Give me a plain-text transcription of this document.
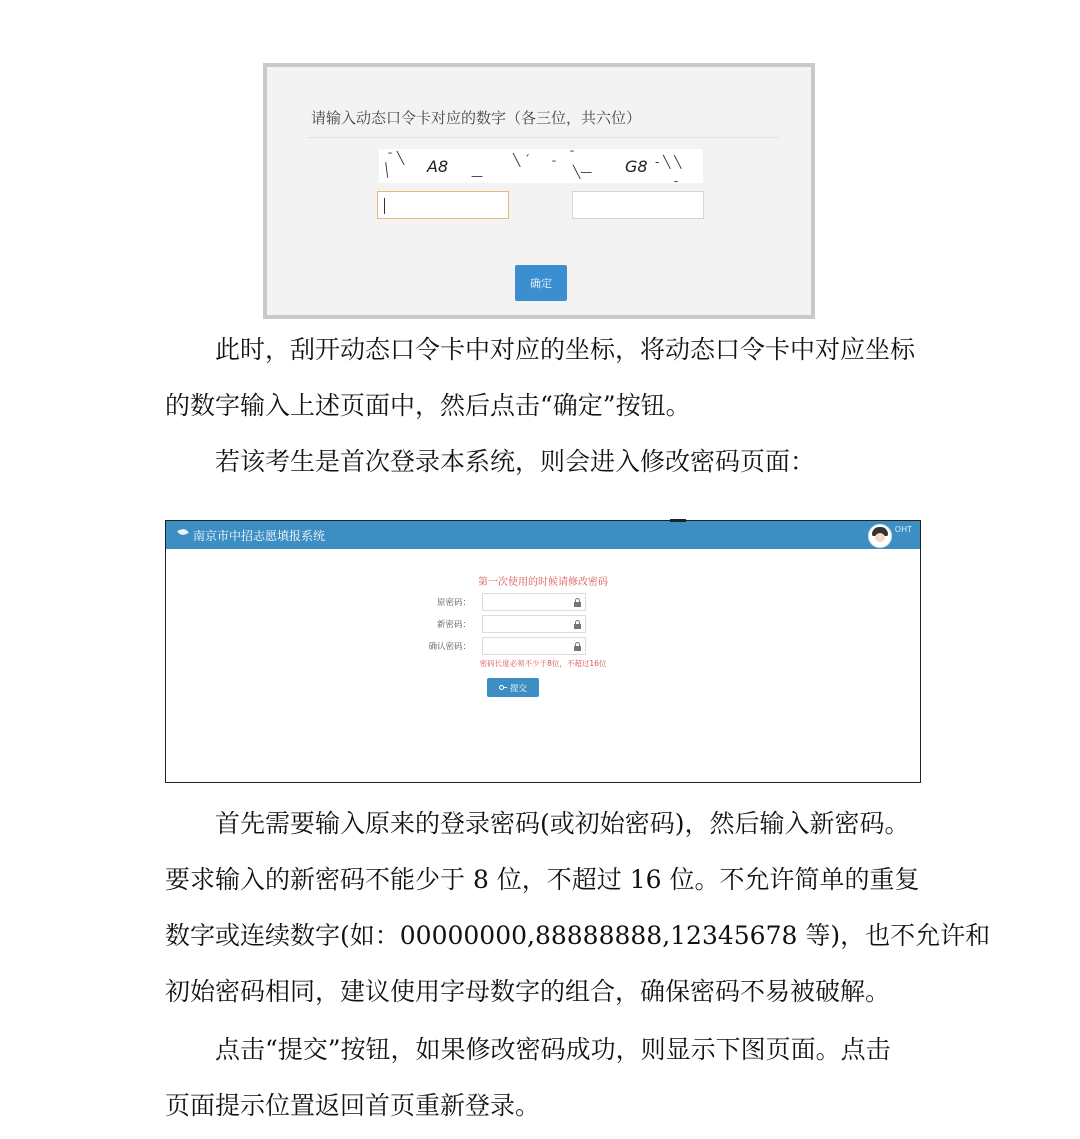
请输入动态口令卡对应的数字（各三位，共六位）
ˉ ╲
╲ A8 —
╲ ˊ ˉ
ˉ
╲— G8 - ╲ ╲
ˍ
确定

此时，刮开动态口令卡中对应的坐标，将动态口令卡中对应坐标
的数字输入上述页面中，然后点击“确定”按钮。

若该考生是首次登录本系统，则会进入修改密码页面：

南京市中招志愿填报系统	OHT
第一次使用的时候请修改密码
原密码：
新密码：
确认密码：
密码长度必须不少于8位，不超过16位
提交

首先需要输入原来的登录密码(或初始密码)，然后输入新密码。
要求输入的新密码不能少于 8 位，不超过 16 位。不允许简单的重复
数字或连续数字(如：00000000,88888888,12345678 等)，也不允许和
初始密码相同，建议使用字母数字的组合，确保密码不易被破解。

点击“提交”按钮，如果修改密码成功，则显示下图页面。点击
页面提示位置返回首页重新登录。
